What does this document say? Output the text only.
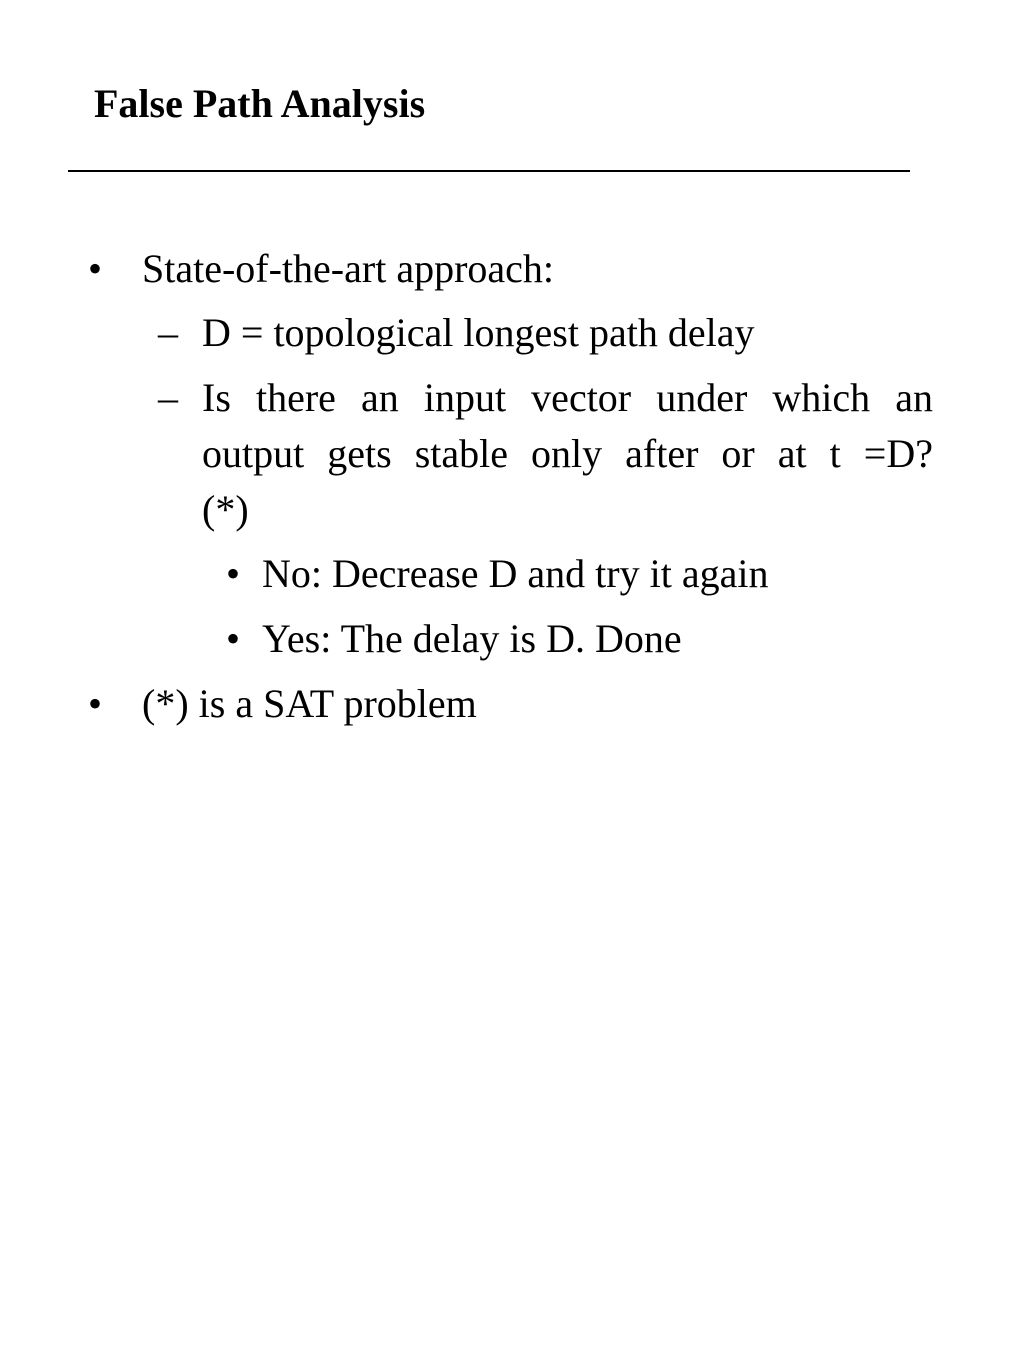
False Path Analysis
• State-of-the-art approach:
– D = topological longest path delay
– Is there an input vector under which an
output gets stable only after or at t =D?
(*)
• No: Decrease D and try it again
• Yes: The delay is D. Done
• (*) is a SAT problem
